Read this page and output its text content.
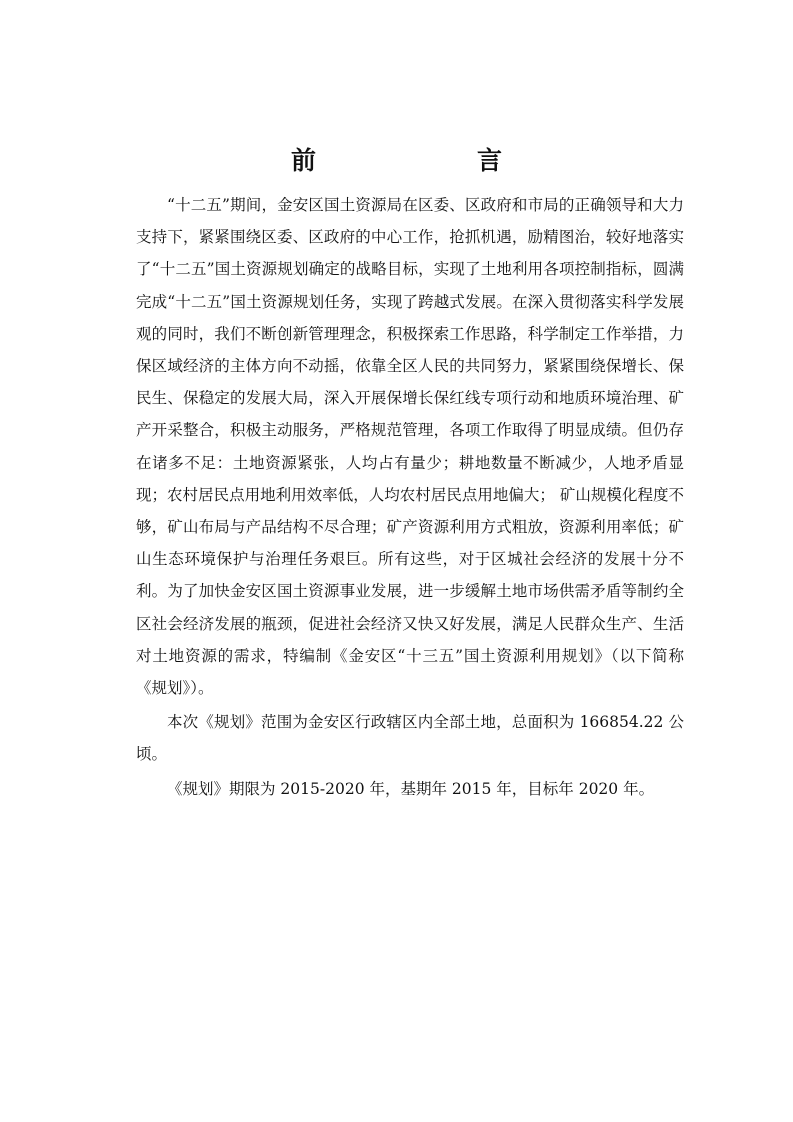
前　言

“十二五”期间，金安区国土资源局在区委、区政府和市局的正确领导和大力支持下，紧紧围绕区委、区政府的中心工作，抢抓机遇，励精图治，较好地落实了“十二五”国土资源规划确定的战略目标，实现了土地利用各项控制指标，圆满完成“十二五”国土资源规划任务，实现了跨越式发展。在深入贯彻落实科学发展观的同时，我们不断创新管理理念，积极探索工作思路，科学制定工作举措，力保区域经济的主体方向不动摇，依靠全区人民的共同努力，紧紧围绕保增长、保民生、保稳定的发展大局，深入开展保增长保红线专项行动和地质环境治理、矿产开采整合，积极主动服务，严格规范管理，各项工作取得了明显成绩。但仍存在诸多不足：土地资源紧张，人均占有量少；耕地数量不断减少，人地矛盾显现；农村居民点用地利用效率低，人均农村居民点用地偏大； 矿山规模化程度不够，矿山布局与产品结构不尽合理；矿产资源利用方式粗放，资源利用率低；矿山生态环境保护与治理任务艰巨。所有这些，对于区城社会经济的发展十分不利。为了加快金安区国土资源事业发展，进一步缓解土地市场供需矛盾等制约全区社会经济发展的瓶颈，促进社会经济又快又好发展，满足人民群众生产、生活对土地资源的需求，特编制《金安区“十三五”国土资源利用规划》（以下简称《规划》）。

本次《规划》范围为金安区行政辖区内全部土地，总面积为 166854.22 公顷。

《规划》期限为 2015-2020 年，基期年 2015 年，目标年 2020 年。
